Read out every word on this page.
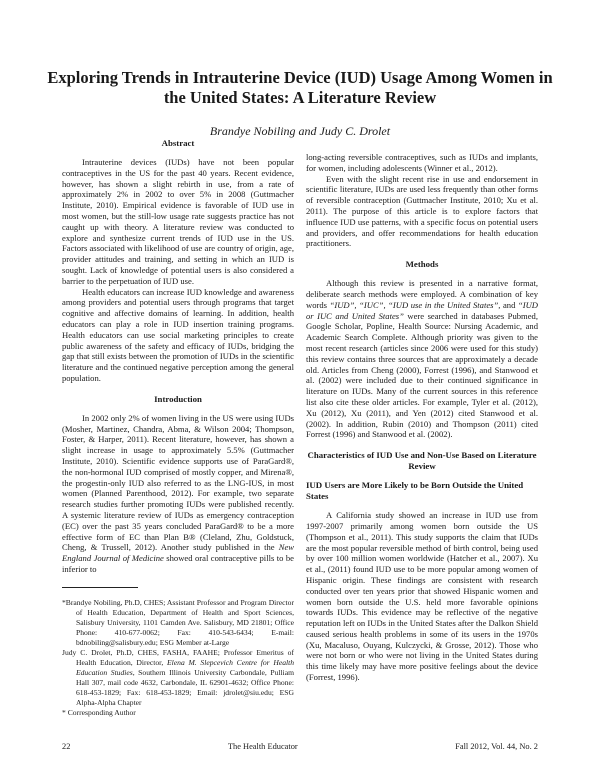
Exploring Trends in Intrauterine Device (IUD) Usage Among Women in the United States: A Literature Review
Brandye Nobiling and Judy C. Drolet
Abstract

Intrauterine devices (IUDs) have not been popular contraceptives in the US for the past 40 years. Recent evidence, however, has shown a slight rebirth in use, from a rate of approximately 2% in 2002 to over 5% in 2008 (Guttmacher Institute, 2010). Empirical evidence is favorable of IUD use in most women, but the still-low usage rate suggests practice has not caught up with theory. A literature review was conducted to explore and synthesize current trends of IUD use in the US. Factors associated with likelihood of use are country of origin, age, provider attitudes and training, and setting in which an IUD is sought. Lack of knowledge of potential users is also considered a barrier to the perpetuation of IUD use.

Health educators can increase IUD knowledge and awareness among providers and potential users through programs that target cognitive and affective domains of learning. In addition, health educators can play a role in IUD insertion training programs. Health educators can use social marketing principles to create public awareness of the safety and efficacy of IUDs, bridging the gap that still exists between the promotion of IUDs in the scientific literature and the continued negative perception among the general population.

Introduction

In 2002 only 2% of women living in the US were using IUDs (Mosher, Martinez, Chandra, Abma, & Wilson 2004; Thompson, Foster, & Harper, 2011). Recent literature, however, has shown a slight increase in usage to approximately 5.5% (Guttmacher Institute, 2010). Scientific evidence supports use of ParaGard®, the non-hormonal IUD comprised of mostly copper, and Mirena®, the progestin-only IUD also referred to as the LNG-IUS, in most women (Planned Parenthood, 2012). For example, two separate research studies further promoting IUDs were published recently. A systemic literature review of IUDs as emergency contraception (EC) over the past 35 years concluded ParaGard® to be a more effective form of EC than Plan B® (Cleland, Zhu, Goldstuck, Cheng, & Trussell, 2012). Another study published in the New England Journal of Medicine showed oral contraceptive pills to be inferior to

*Brandye Nobiling, Ph.D, CHES; Assistant Professor and Program Director of Health Education, Department of Health and Sport Sciences, Salisbury University, 1101 Camden Ave. Salisbury, MD 21801; Office Phone: 410-677-0062; Fax: 410-543-6434; E-mail: bdnobiling@salisbury.edu; ESG Member at-Large

Judy C. Drolet, Ph.D, CHES, FASHA, FAAHE; Professor Emeritus of Health Education, Director, Elena M. Slepcevich Centre for Health Education Studies, Southern Illinois University Carbondale, Pulliam Hall 307, mail code 4632, Carbondale, IL 62901-4632; Office Phone: 618-453-1829; Fax: 618-453-1829; Email: jdrolet@siu.edu; ESG Alpha-Alpha Chapter

* Corresponding Author

long-acting reversible contraceptives, such as IUDs and implants, for women, including adolescents (Winner et al., 2012).

Even with the slight recent rise in use and endorsement in scientific literature, IUDs are used less frequently than other forms of reversible contraception (Guttmacher Institute, 2010; Xu et al. 2011). The purpose of this article is to explore factors that influence IUD use patterns, with a specific focus on potential users and providers, and offer recommendations for health education practitioners.

Methods

Although this review is presented in a narrative format, deliberate search methods were employed. A combination of key words “IUD”, “IUC”, “IUD use in the United States”, and “IUD or IUC and United States” were searched in databases Pubmed, Google Scholar, Popline, Health Source: Nursing Academic, and Academic Search Complete. Although priority was given to the most recent research (articles since 2006 were used for this study) this review contains three sources that are approximately a decade old. Articles from Cheng (2000), Forrest (1996), and Stanwood et al. (2002) were included due to their continued significance in literature on IUDs. Many of the current sources in this reference list also cite these older articles. For example, Tyler et al. (2012), Xu (2012), Xu (2011), and Yen (2012) cited Stanwood et al. (2002). In addition, Rubin (2010) and Thompson (2011) cited Forrest (1996) and Stanwood et al. (2002).

Characteristics of IUD Use and Non-Use Based on Literature Review
IUD Users are More Likely to be Born Outside the United States

A California study showed an increase in IUD use from 1997-2007 primarily among women born outside the US (Thompson et al., 2011). This study supports the claim that IUDs are the most popular reversible method of birth control, being used by over 100 million women worldwide (Hatcher et al., 2007). Xu et al., (2011) found IUD use to be more popular among women of Hispanic origin. These findings are consistent with research conducted over ten years prior that showed Hispanic women and women born outside the U.S. held more favorable opinions towards IUDs. This evidence may be reflective of the negative reputation left on IUDs in the United States after the Dalkon Shield caused serious health problems in some of its users in the 1970s (Xu, Macaluso, Ouyang, Kulczycki, & Grosse, 2012). Those who were not born or who were not living in the United States during this time likely may have more positive feelings about the device (Forrest, 1996).

22	The Health Educator	Fall 2012, Vol. 44, No. 2
